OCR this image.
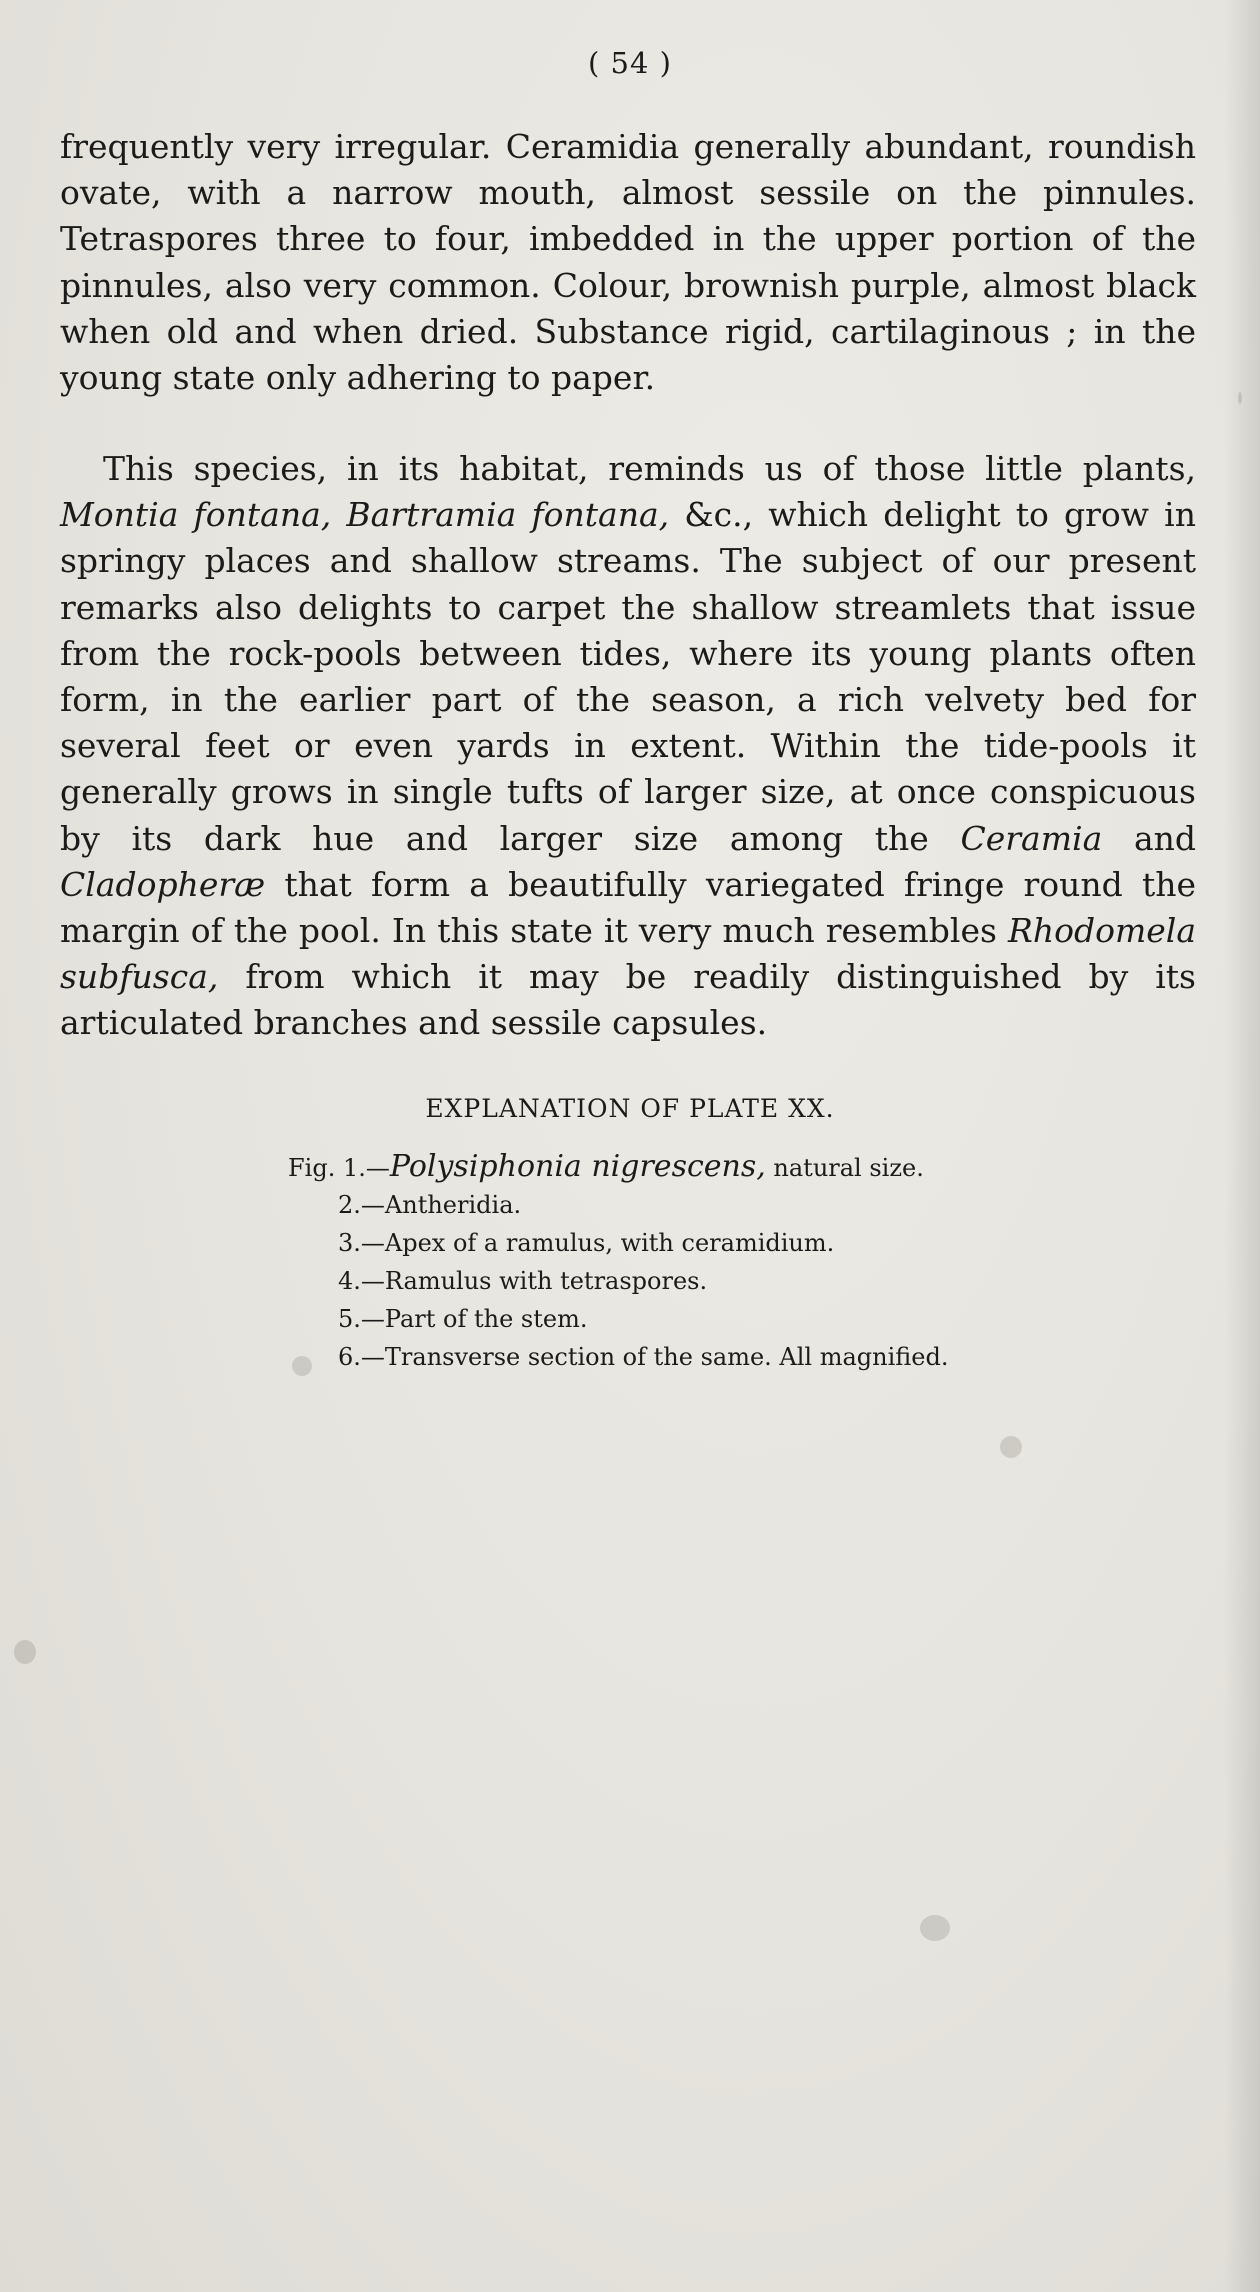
( 54 )

frequently very irregular. Ceramidia generally abundant, roundish ovate, with a narrow mouth, almost sessile on the pinnules. Tetraspores three to four, imbedded in the upper portion of the pinnules, also very common. Colour, brownish purple, almost black when old and when dried. Substance rigid, cartilaginous ; in the young state only adhering to paper.

This species, in its habitat, reminds us of those little plants, Montia fontana, Bartramia fontana, &c., which delight to grow in springy places and shallow streams. The subject of our present remarks also delights to carpet the shallow streamlets that issue from the rock-pools between tides, where its young plants often form, in the earlier part of the season, a rich velvety bed for several feet or even yards in extent. Within the tide-pools it generally grows in single tufts of larger size, at once conspicuous by its dark hue and larger size among the Ceramia and Cladopheræ that form a beautifully variegated fringe round the margin of the pool. In this state it very much resembles Rhodomela subfusca, from which it may be readily distinguished by its articulated branches and sessile capsules.

EXPLANATION OF PLATE XX.
Fig. 1.—Polysiphonia nigrescens, natural size.
2.—Antheridia.
3.—Apex of a ramulus, with ceramidium.
4.—Ramulus with tetraspores.
5.—Part of the stem.
6.—Transverse section of the same. All magnified.
